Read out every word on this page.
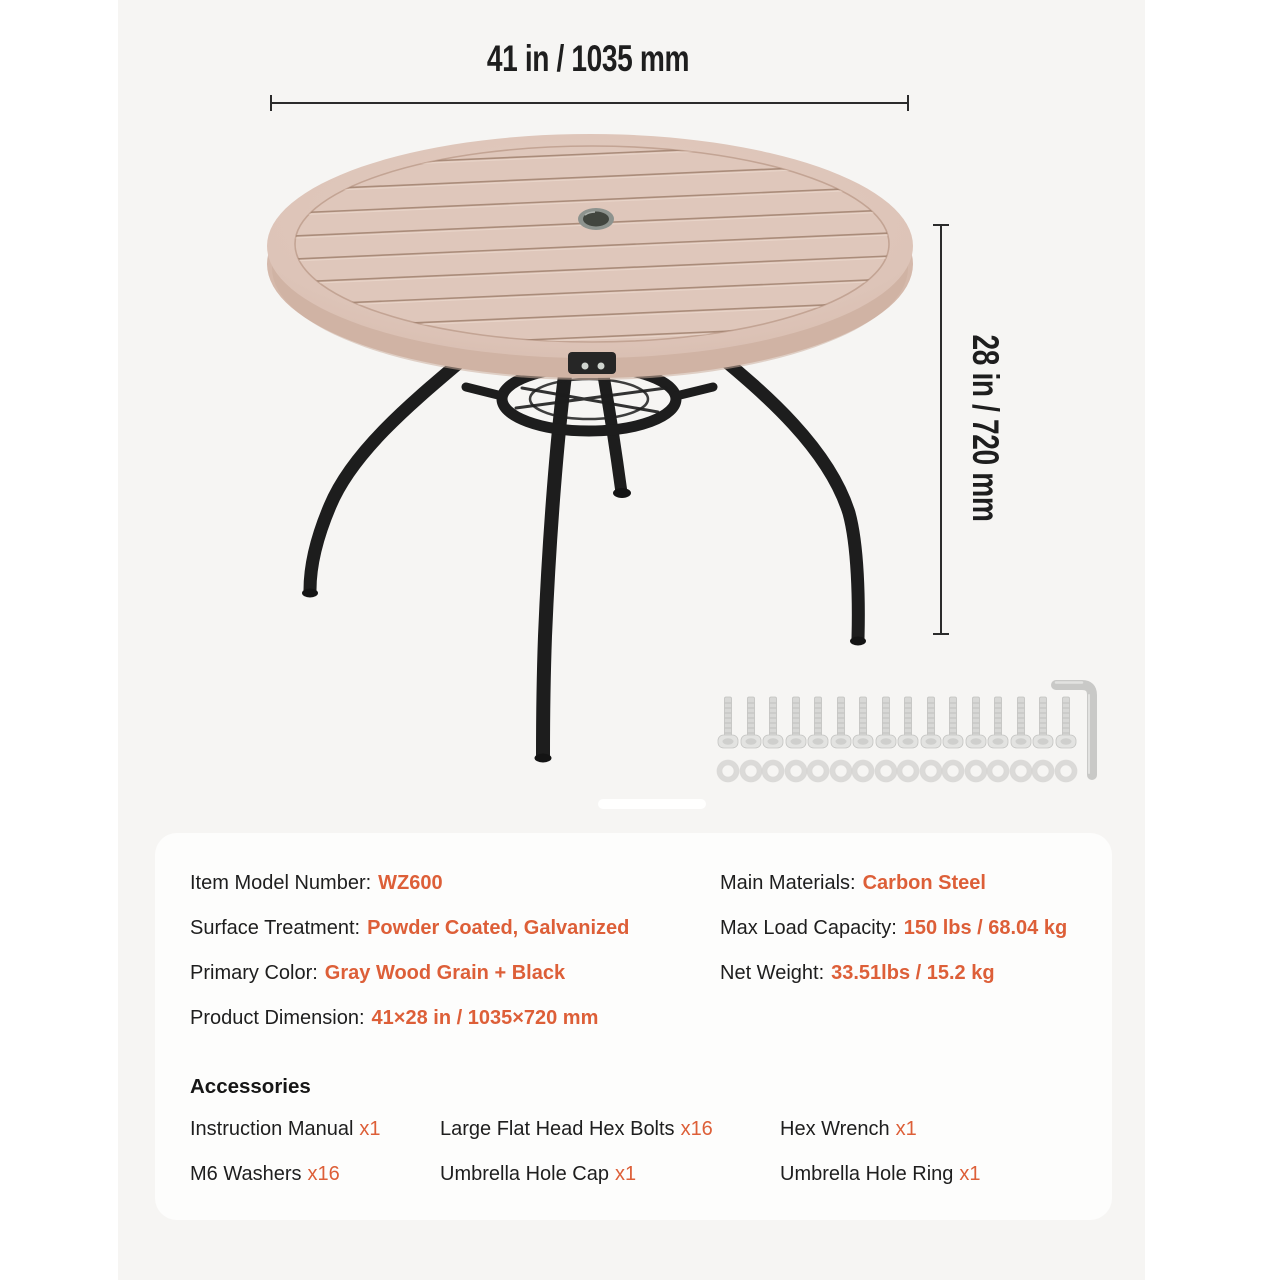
41 in / 1035 mm
28 in / 720 mm
Item Model Number: WZ600
Surface Treatment: Powder Coated, Galvanized
Primary Color: Gray Wood Grain + Black
Product Dimension: 41×28 in / 1035×720 mm
Main Materials: Carbon Steel
Max Load Capacity: 150 lbs / 68.04 kg
Net Weight: 33.51lbs / 15.2 kg
Accessories
Instruction Manual x1	Large Flat Head Hex Bolts x16	Hex Wrench x1
M6 Washers x16	Umbrella Hole Cap x1	Umbrella Hole Ring x1
